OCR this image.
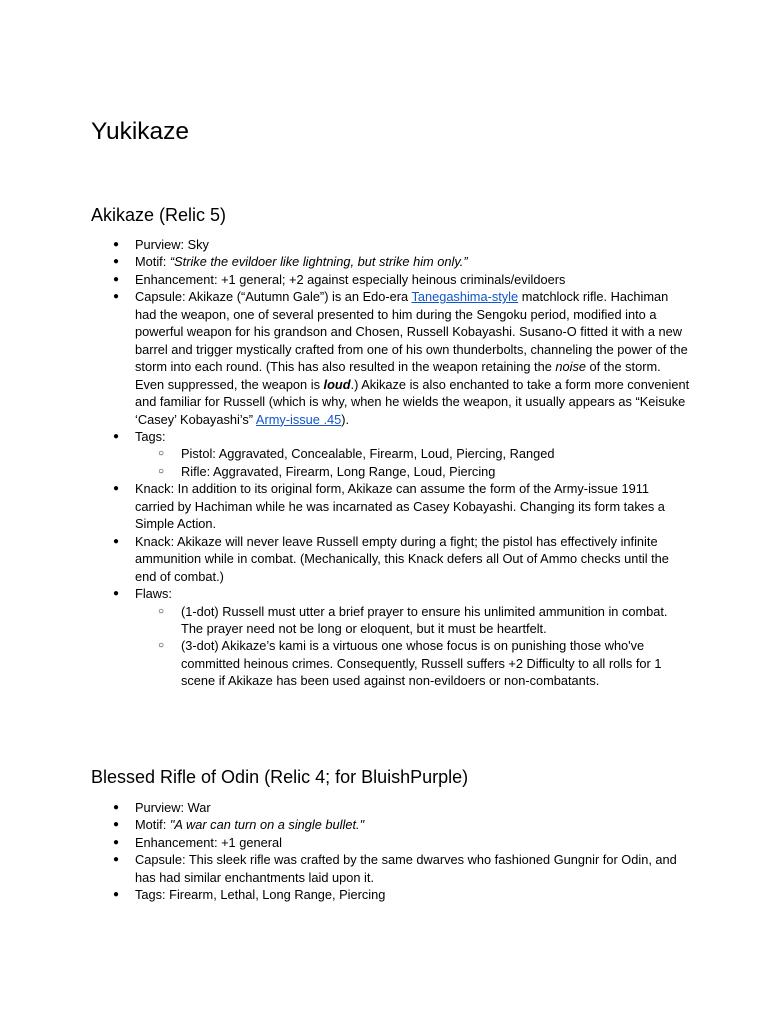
Yukikaze
Akikaze (Relic 5)
● Purview: Sky
● Motif: “Strike the evildoer like lightning, but strike him only.”
● Enhancement: +1 general; +2 against especially heinous criminals/evildoers
● Capsule: Akikaze (“Autumn Gale”) is an Edo-era Tanegashima-style matchlock rifle. Hachiman had the weapon, one of several presented to him during the Sengoku period, modified into a powerful weapon for his grandson and Chosen, Russell Kobayashi. Susano-O fitted it with a new barrel and trigger mystically crafted from one of his own thunderbolts, channeling the power of the storm into each round. (This has also resulted in the weapon retaining the noise of the storm. Even suppressed, the weapon is loud.) Akikaze is also enchanted to take a form more convenient and familiar for Russell (which is why, when he wields the weapon, it usually appears as “Keisuke ‘Casey’ Kobayashi’s” Army-issue .45).
● Tags:
○ Pistol: Aggravated, Concealable, Firearm, Loud, Piercing, Ranged
○ Rifle: Aggravated, Firearm, Long Range, Loud, Piercing
● Knack: In addition to its original form, Akikaze can assume the form of the Army-issue 1911 carried by Hachiman while he was incarnated as Casey Kobayashi. Changing its form takes a Simple Action.
● Knack: Akikaze will never leave Russell empty during a fight; the pistol has effectively infinite ammunition while in combat. (Mechanically, this Knack defers all Out of Ammo checks until the end of combat.)
● Flaws:
○ (1-dot) Russell must utter a brief prayer to ensure his unlimited ammunition in combat. The prayer need not be long or eloquent, but it must be heartfelt.
○ (3-dot) Akikaze’s kami is a virtuous one whose focus is on punishing those who've committed heinous crimes. Consequently, Russell suffers +2 Difficulty to all rolls for 1 scene if Akikaze has been used against non-evildoers or non-combatants.
Blessed Rifle of Odin (Relic 4; for BluishPurple)
● Purview: War
● Motif: "A war can turn on a single bullet."
● Enhancement: +1 general
● Capsule: This sleek rifle was crafted by the same dwarves who fashioned Gungnir for Odin, and has had similar enchantments laid upon it.
● Tags: Firearm, Lethal, Long Range, Piercing
